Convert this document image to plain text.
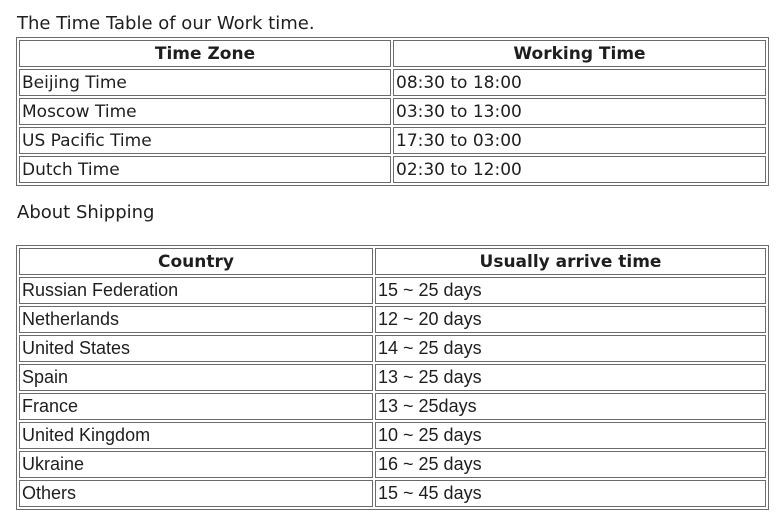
The Time Table of our Work time.
Time Zone	Working Time
Beijing Time	08:30 to 18:00
Moscow Time	03:30 to 13:00
US Pacific Time	17:30 to 03:00
Dutch Time	02:30 to 12:00
About Shipping
Country	Usually arrive time
Russian Federation	15 ~ 25 days
Netherlands	12 ~ 20 days
United States	14 ~ 25 days
Spain	13 ~ 25 days
France	13 ~ 25days
United Kingdom	10 ~ 25 days
Ukraine	16 ~ 25 days
Others	15 ~ 45 days
